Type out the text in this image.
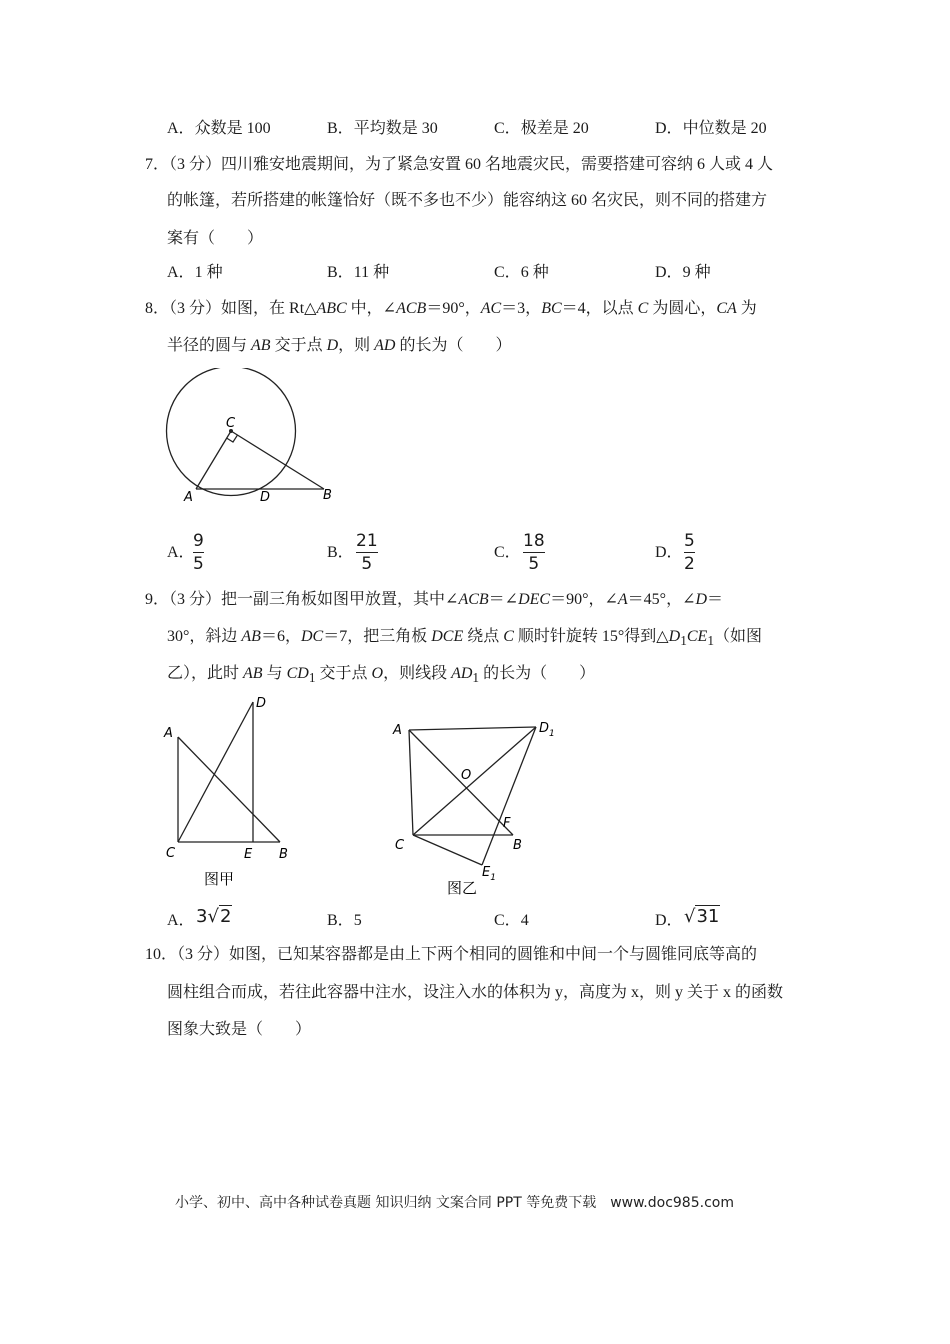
A．众数是 100	B．平均数是 30	C．极差是 20	D．中位数是 20
7．（3 分）四川雅安地震期间，为了紧急安置 60 名地震灾民，需要搭建可容纳 6 人或 4 人
的帐篷，若所搭建的帐篷恰好（既不多也不少）能容纳这 60 名灾民，则不同的搭建方
案有（　　）
A．1 种	B．11 种	C．6 种	D．9 种
8．（3 分）如图，在 Rt△ABC 中，∠ACB＝90°，AC＝3，BC＝4，以点 C 为圆心，CA 为
半径的圆与 AB 交于点 D，则 AD 的长为（　　）
C
A	D	B
A．
9
5
B．
21
5
C．
18
5
D．
5
2
9．（3 分）把一副三角板如图甲放置，其中∠ACB＝∠DEC＝90°，∠A＝45°，∠D＝
30°，斜边 AB＝6，DC＝7，把三角板 DCE 绕点 C 顺时针旋转 15°得到$\triangle D_1CE_1$（如图
乙），此时 AB 与 $CD_1$ 交于点 O，则线段 $AD_1$ 的长为（　　）
A
D
C	E B
图甲
A	$D_1$
O
F
C	B
$E_1$
图乙
A． 3√2	B．5	C．4	D． √31
10．（3 分）如图，已知某容器都是由上下两个相同的圆锥和中间一个与圆锥同底等高的
圆柱组合而成，若往此容器中注水，设注入水的体积为 y，高度为 x，则 y 关于 x 的函数
图象大致是（　　）
小学、初中、高中各种试卷真题 知识归纳 文案合同 PPT 等免费下载　www.doc985.com
